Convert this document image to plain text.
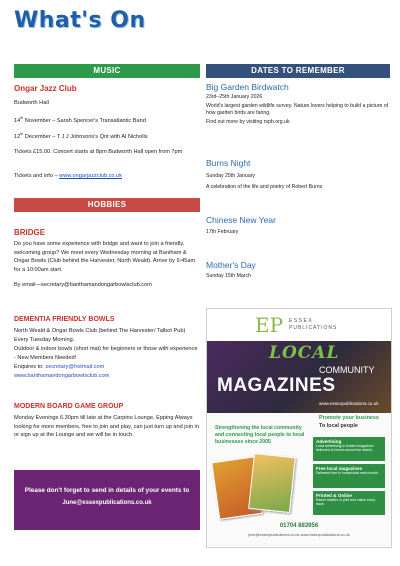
What's On
MUSIC
Ongar Jazz Club
Budworth Hall
14th November – Sarah Spencer's Transatlantic Band
12th December – T J J Johnsons's Qnt with Al Nicholls
Tickets £15.00. Concert starts at 8pm Budworth Hall open from 7pm
Tickets and info – www.ongarjazzclub.co.uk
DATES TO REMEMBER
Big Garden Birdwatch
23rd–25th January 2026
World's largest garden wildlife survey. Nature lovers helping to build a picture of how garden birds are faring.
Find out more by visiting rspb.org.uk
Burns Night
Sunday 25th January
A celebration of the life and poetry of Robert Burns
Chinese New Year
17th February
Mother's Day
Sunday 15th March
HOBBIES
BRIDGE
Do you have some experience with bridge and want to join a friendly, welcoming group? We meet every Wednesday morning at Bantham & Ongar Bowls (Club behind the Harvester, North Weald). Arrive by 9:45am for a 10:00am start.
By email—secretary@banthamandongarbowlsclub.com
DEMENTIA FRIENDLY BOWLS
North Weald & Ongar Bowls Club (behind The Harvester/ Talbot Pub) Every Tuesday Morning.
Outdoor & indoor bowls (short mat) for beginners or those with experience - New Members Needed!
Enquires to: secretary@hotmail.com
www.banthamandongarbowlsclub.com
MODERN BOARD GAME GROUP
Monday Evenings 6.30pm till late at the Carpino Lounge, Epping Always looking for more members, free to join and play, can just turn up and join in or sign up at the Lounge and we will be in touch.
Please don't forget to send in details of your events to
June@essexpublications.co.uk
EP ESSEX
PUBLICATIONS
LOCAL
COMMUNITY
MAGAZINES
www.essexpublications.co.uk
Promote your business
To local people
Strengthening the local community and connecting local people to local businesses since 2005	Advertising
Local advertising in trusted magazines delivered to homes across the district.
Free local magazines
Delivered free to households each month.
Printed & Online
Reach readers in print and online every issue.
01704 883956
june@essexpublications.co.uk www.essexpublications.co.uk
